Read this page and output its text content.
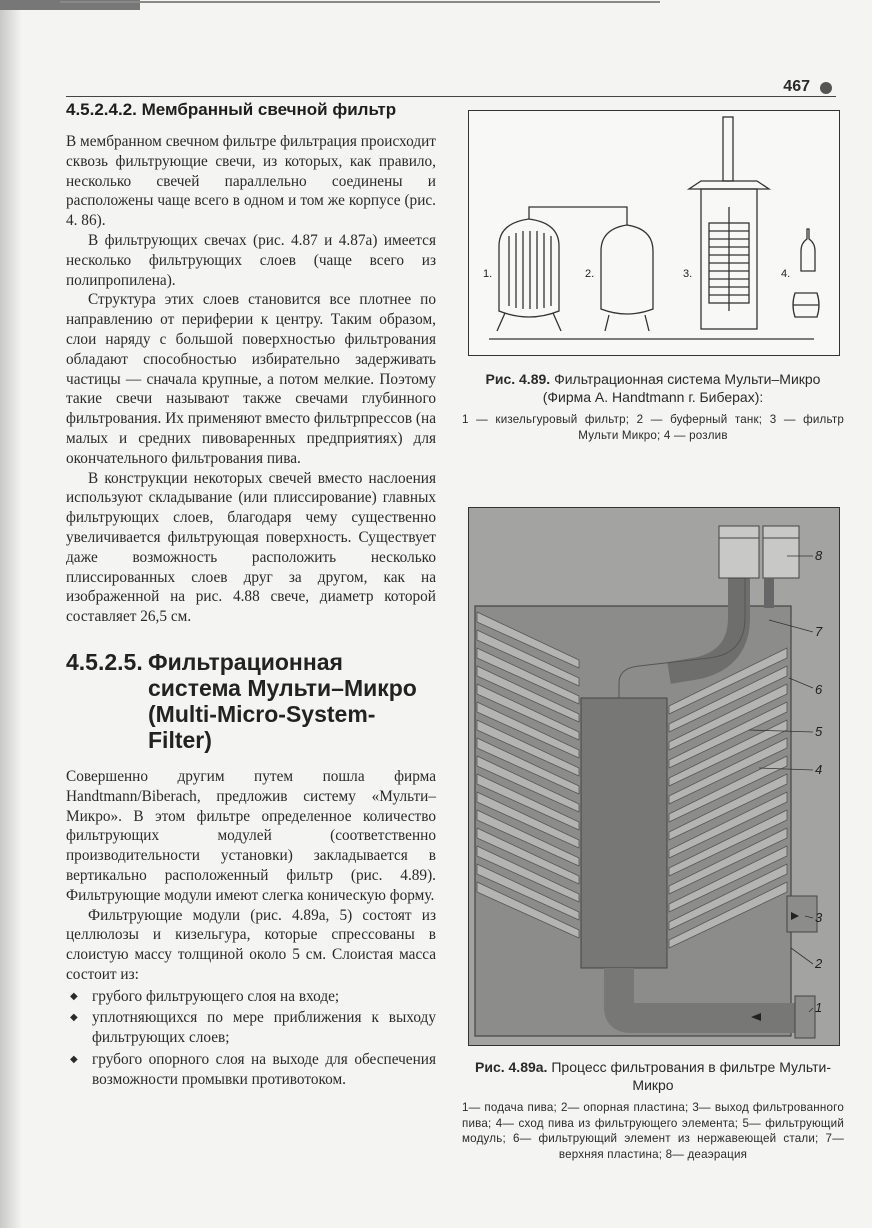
467
4.5.2.4.2. Мембранный свечной фильтр

В мембранном свечном фильтре фильтрация происходит сквозь фильтрующие свечи, из которых, как правило, несколько свечей параллельно соединены и расположены чаще всего в одном и том же корпусе (рис. 4. 86).

В фильтрующих свечах (рис. 4.87 и 4.87а) имеется несколько фильтрующих слоев (чаще всего из полипропилена).

Структура этих слоев становится все плотнее по направлению от периферии к центру. Таким образом, слои наряду с большой поверхностью фильтрования обладают способностью избирательно задерживать частицы — сначала крупные, а потом мелкие. Поэтому такие свечи называют также свечами глубинного фильтрования. Их применяют вместо фильтрпрессов (на малых и средних пивоваренных предприятиях) для окончательного фильтрования пива.

В конструкции некоторых свечей вместо наслоения используют складывание (или плиссирование) главных фильтрующих слоев, благодаря чему существенно увеличивается фильтрующая поверхность. Существует даже возможность расположить несколько плиссированных слоев друг за другом, как на изображенной на рис. 4.88 свече, диаметр которой составляет 26,5 см.

4.5.2.5. Фильтрационная система Мульти–Микро (Multi-Micro-System-Filter)

Совершенно другим путем пошла фирма Handtmann/Biberach, предложив систему «Мульти–Микро». В этом фильтре определенное количество фильтрующих модулей (соответственно производительности установки) закладывается в вертикально расположенный фильтр (рис. 4.89). Фильтрующие модули имеют слегка коническую форму.

Фильтрующие модули (рис. 4.89а, 5) состоят из целлюлозы и кизельгура, которые спрессованы в слоистую массу толщиной около 5 см. Слоистая масса состоит из:

◆ грубого фильтрующего слоя на входе;
◆ уплотняющихся по мере приближения к выходу фильтрующих слоев;
◆ грубого опорного слоя на выходе для обеспечения возможности промывки противотоком.
1.	2.	3.	4.
Рис. 4.89. Фильтрационная система Мульти–Микро (Фирма А. Handtmann г. Биберах):
1 — кизельгуровый фильтр; 2 — буферный танк; 3 — фильтр Мульти Микро; 4 — розлив
8
7
6
5
4
3
2
1
Рис. 4.89а. Процесс фильтрования в фильтре Мульти-Микро
1— подача пива; 2— опорная пластина; 3— выход фильтрованного пива; 4— сход пива из фильтрующего элемента; 5— фильтрующий модуль; 6— фильтрующий элемент из нержавеющей стали; 7— верхняя пластина; 8— деаэрация
